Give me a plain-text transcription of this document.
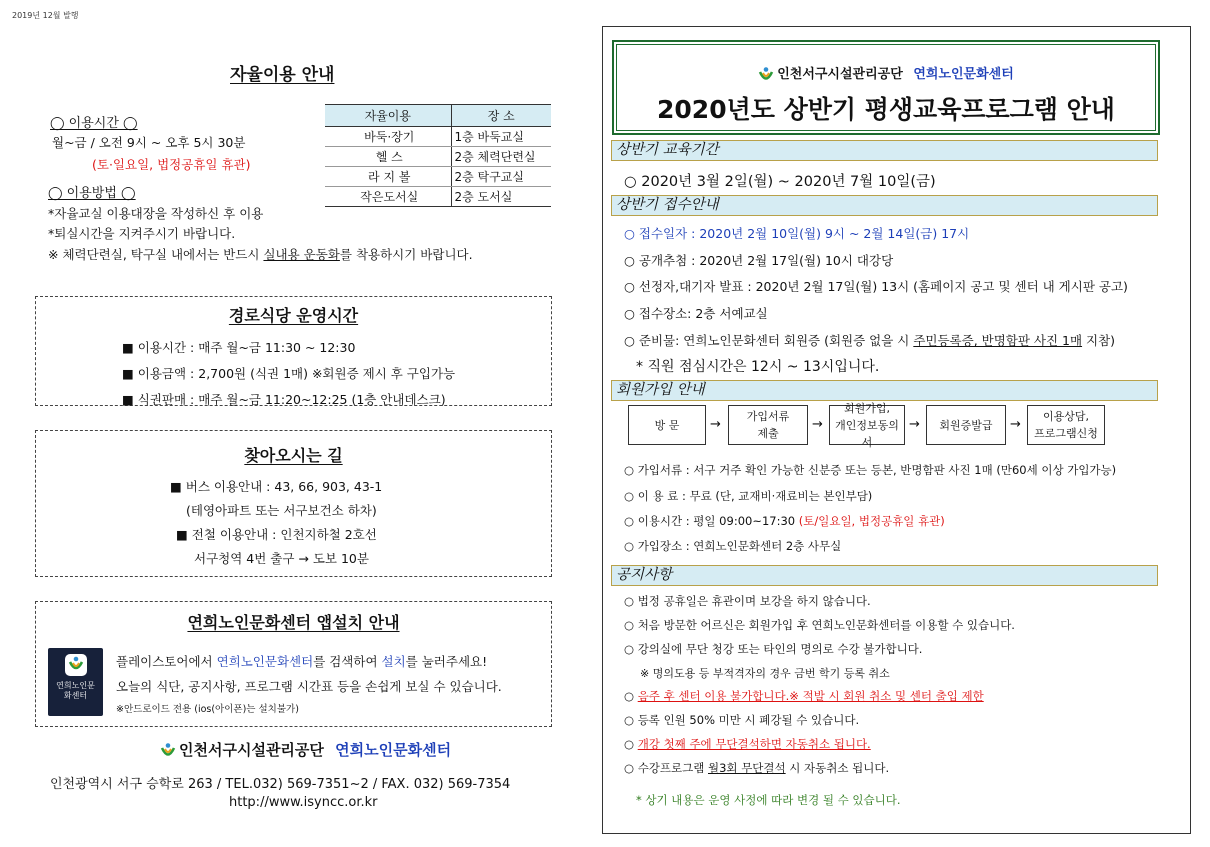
2019년 12월 발행
자율이용 안내
◯ 이용시간 ◯
월~금 / 오전 9시 ~ 오후 5시 30분
(토·일요일, 법정공휴일 휴관)
◯ 이용방법 ◯
*자율교실 이용대장을 작성하신 후 이용
*퇴실시간을 지켜주시기 바랍니다.
※ 체력단련실, 탁구실 내에서는 반드시 실내용 운동화를 착용하시기 바랍니다.
자율이용	장 소
바둑·장기	1층 바둑교실
헬 스	2층 체력단련실
라 지 볼	2층 탁구교실
작은도서실	2층 도서실
경로식당 운영시간
■ 이용시간 : 매주 월~금 11:30 ~ 12:30
■ 이용금액 : 2,700원 (식권 1매) ※회원증 제시 후 구입가능
■ 식권판매 : 매주 월~금 11:20~12:25 (1층 안내데스크)
찾아오시는 길
■ 버스 이용안내 : 43, 66, 903, 43-1
(테영아파트 또는 서구보건소 하차)
■ 전철 이용안내 : 인천지하철 2호선
서구청역 4번 출구 → 도보 10분
연희노인문화센터 앱설치 안내
연희노인문
화센터
플레이스토어에서 연희노인문화센터를 검색하여 설치를 눌러주세요!
오늘의 식단, 공지사항, 프로그램 시간표 등을 손쉽게 보실 수 있습니다.
※안드로이드 전용 (ios(아이폰)는 설치불가)
인천서구시설관리공단 연희노인문화센터
인천광역시 서구 승학로 263 / TEL.032) 569-7351~2 / FAX. 032) 569-7354
http://www.isyncc.or.kr
인천서구시설관리공단 연희노인문화센터
2020년도 상반기 평생교육프로그램 안내
상반기 교육기간
○ 2020년 3월 2일(월) ~ 2020년 7월 10일(금)
상반기 접수안내
○ 접수일자 : 2020년 2월 10일(월) 9시 ~ 2월 14일(금) 17시
○ 공개추첨 : 2020년 2월 17일(월) 10시 대강당
○ 선정자,대기자 발표 : 2020년 2월 17일(월) 13시 (홈페이지 공고 및 센터 내 게시판 공고)
○ 접수장소: 2층 서예교실
○ 준비물: 연희노인문화센터 회원증 (회원증 없을 시 주민등록증, 반명함판 사진 1매 지참)
* 직원 점심시간은 12시 ~ 13시입니다.
회원가입 안내
방 문 →
가입서류
제출
→
회원가입,
개인정보동의서
→ 회원증발급 →
이용상담,
프로그램신청
○ 가입서류 : 서구 거주 확인 가능한 신분증 또는 등본, 반명함판 사진 1매 (만60세 이상 가입가능)
○ 이 용 료 : 무료 (단, 교재비·재료비는 본인부담)
○ 이용시간 : 평일 09:00~17:30 (토/일요일, 법정공휴일 휴관)
○ 가입장소 : 연희노인문화센터 2층 사무실
공지사항
○ 법정 공휴일은 휴관이며 보강을 하지 않습니다.
○ 처음 방문한 어르신은 회원가입 후 연희노인문화센터를 이용할 수 있습니다.
○ 강의실에 무단 청강 또는 타인의 명의로 수강 불가합니다.
※ 명의도용 등 부적격자의 경우 금번 학기 등록 취소
○ 음주 후 센터 이용 불가합니다.※ 적발 시 회원 취소 및 센터 출입 제한
○ 등록 인원 50% 미만 시 폐강될 수 있습니다.
○ 개강 첫째 주에 무단결석하면 자동취소 됩니다.
○ 수강프로그램 월3회 무단결석 시 자동취소 됩니다.
* 상기 내용은 운영 사정에 따라 변경 될 수 있습니다.
